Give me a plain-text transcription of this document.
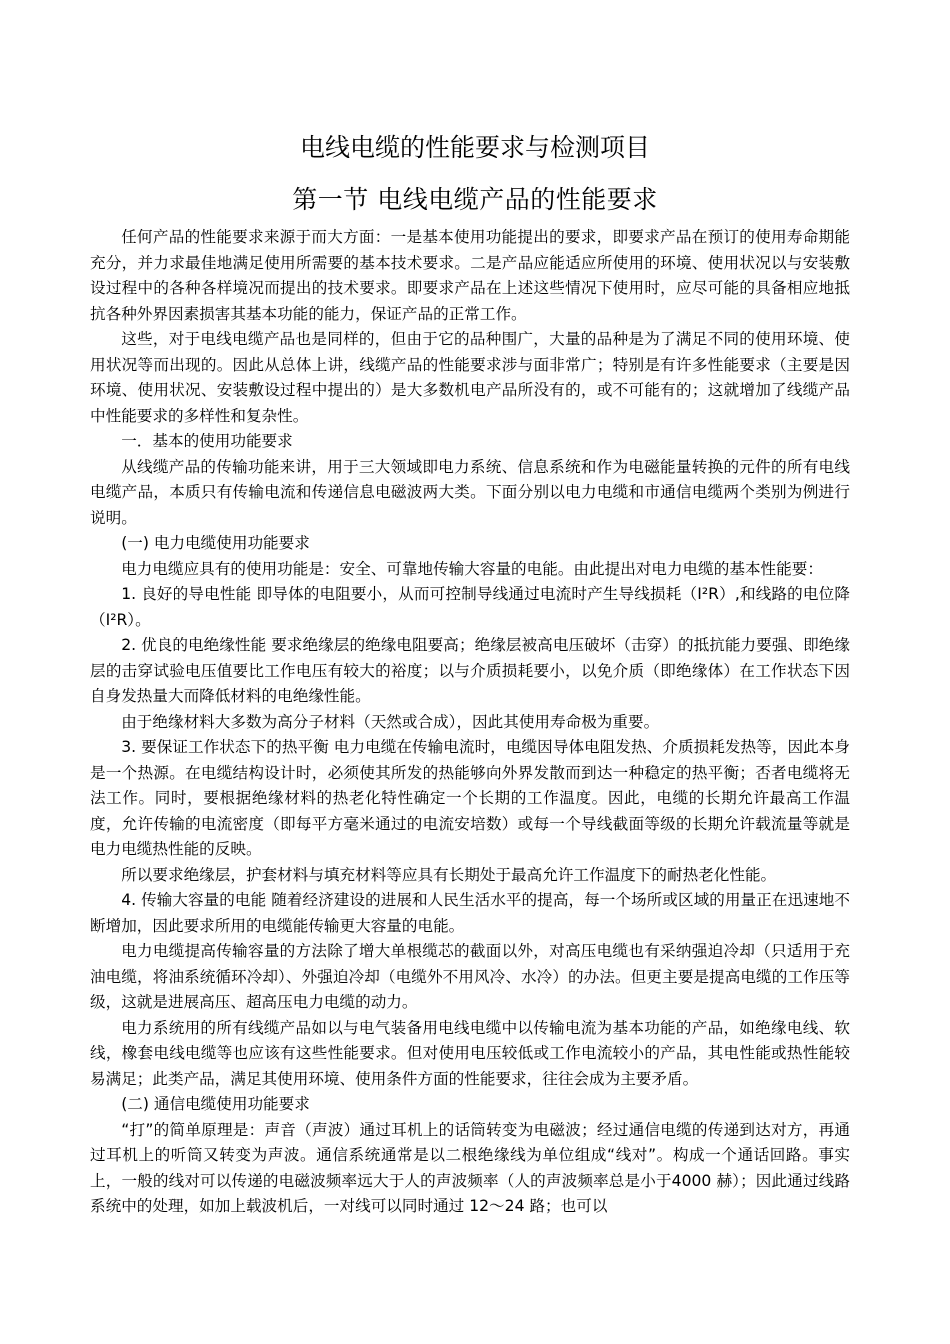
电线电缆的性能要求与检测项目
第一节 电线电缆产品的性能要求

任何产品的性能要求来源于而大方面：一是基本使用功能提出的要求，即要求产品在预订的使用寿命期能充分，并力求最佳地满足使用所需要的基本技术要求。二是产品应能适应所使用的环境、使用状况以与安装敷设过程中的各种各样境况而提出的技术要求。即要求产品在上述这些情况下使用时，应尽可能的具备相应地抵抗各种外界因素损害其基本功能的能力，保证产品的正常工作。

这些，对于电线电缆产品也是同样的，但由于它的品种围广，大量的品种是为了满足不同的使用环境、使用状况等而出现的。因此从总体上讲，线缆产品的性能要求涉与面非常广；特别是有许多性能要求（主要是因环境、使用状况、安装敷设过程中提出的）是大多数机电产品所没有的，或不可能有的；这就增加了线缆产品中性能要求的多样性和复杂性。

一．基本的使用功能要求

从线缆产品的传输功能来讲，用于三大领域即电力系统、信息系统和作为电磁能量转换的元件的所有电线电缆产品，本质只有传输电流和传递信息电磁波两大类。下面分别以电力电缆和市通信电缆两个类别为例进行说明。

(一) 电力电缆使用功能要求

电力电缆应具有的使用功能是：安全、可靠地传输大容量的电能。由此提出对电力电缆的基本性能要：

1. 良好的导电性能 即导体的电阻要小，从而可控制导线通过电流时产生导线损耗（I²R）,和线路的电位降（I²R）。

2. 优良的电绝缘性能 要求绝缘层的绝缘电阻要高；绝缘层被高电压破坏（击穿）的抵抗能力要强、即绝缘层的击穿试验电压值要比工作电压有较大的裕度；以与介质损耗要小，以免介质（即绝缘体）在工作状态下因自身发热量大而降低材料的电绝缘性能。

由于绝缘材料大多数为高分子材料（天然或合成），因此其使用寿命极为重要。

3. 要保证工作状态下的热平衡 电力电缆在传输电流时，电缆因导体电阻发热、介质损耗发热等，因此本身是一个热源。在电缆结构设计时，必须使其所发的热能够向外界发散而到达一种稳定的热平衡；否者电缆将无法工作。同时，要根据绝缘材料的热老化特性确定一个长期的工作温度。因此，电缆的长期允许最高工作温度，允许传输的电流密度（即每平方毫米通过的电流安培数）或每一个导线截面等级的长期允许载流量等就是电力电缆热性能的反映。

所以要求绝缘层，护套材料与填充材料等应具有长期处于最高允许工作温度下的耐热老化性能。

4. 传输大容量的电能 随着经济建设的进展和人民生活水平的提高，每一个场所或区域的用量正在迅速地不断增加，因此要求所用的电缆能传输更大容量的电能。

电力电缆提高传输容量的方法除了增大单根缆芯的截面以外，对高压电缆也有采纳强迫冷却（只适用于充油电缆，将油系统循环冷却）、外强迫冷却（电缆外不用风冷、水冷）的办法。但更主要是提高电缆的工作压等级，这就是进展高压、超高压电力电缆的动力。

电力系统用的所有线缆产品如以与电气装备用电线电缆中以传输电流为基本功能的产品，如绝缘电线、软线，橡套电线电缆等也应该有这些性能要求。但对使用电压较低或工作电流较小的产品，其电性能或热性能较易满足；此类产品，满足其使用环境、使用条件方面的性能要求，往往会成为主要矛盾。

(二) 通信电缆使用功能要求

“打”的简单原理是：声音（声波）通过耳机上的话筒转变为电磁波；经过通信电缆的传递到达对方，再通过耳机上的听筒又转变为声波。通信系统通常是以二根绝缘线为单位组成“线对”。构成一个通话回路。事实上，一般的线对可以传递的电磁波频率远大于人的声波频率（人的声波频率总是小于4000 赫）；因此通过线路系统中的处理，如加上载波机后，一对线可以同时通过 12～24 路；也可以
